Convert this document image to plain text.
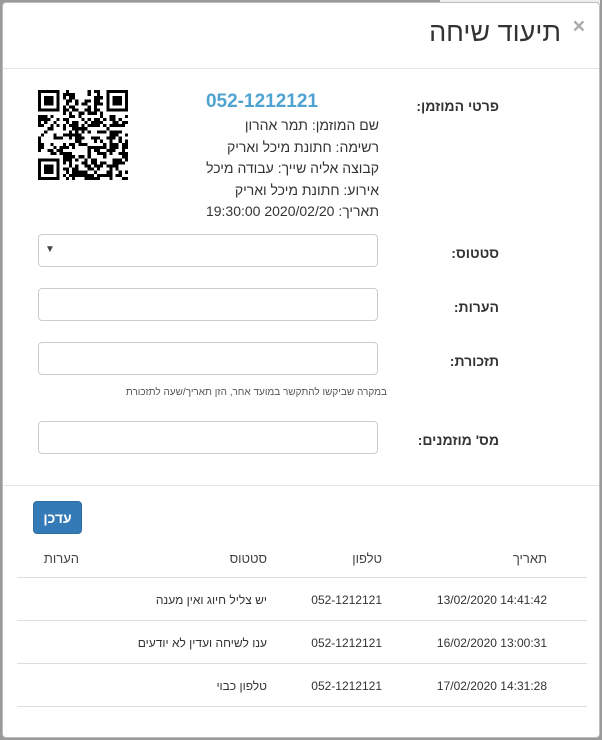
×
תיעוד שיחה
פרטי המוזמן:
052-1212121
שם המוזמן: תמר אהרון
רשימה: חתונת מיכל ואריק
קבוצה אליה שייך: עבודה מיכל
אירוע: חתונת מיכל ואריק
תאריך: 2020/02/20 19:30:00
סטטוס:
▼
הערות:
תזכורת:
במקרה שביקשו להתקשר במועד אחר, הזן תאריך/שעה לתזכורת
מס' מוזמנים:
עדכן
תאריך
טלפון
סטטוס
הערות
13/02/2020 14:41:42
052-1212121
יש צליל חיוג ואין מענה
16/02/2020 13:00:31
052-1212121
ענו לשיחה ועדין לא יודעים
17/02/2020 14:31:28
052-1212121
טלפון כבוי
